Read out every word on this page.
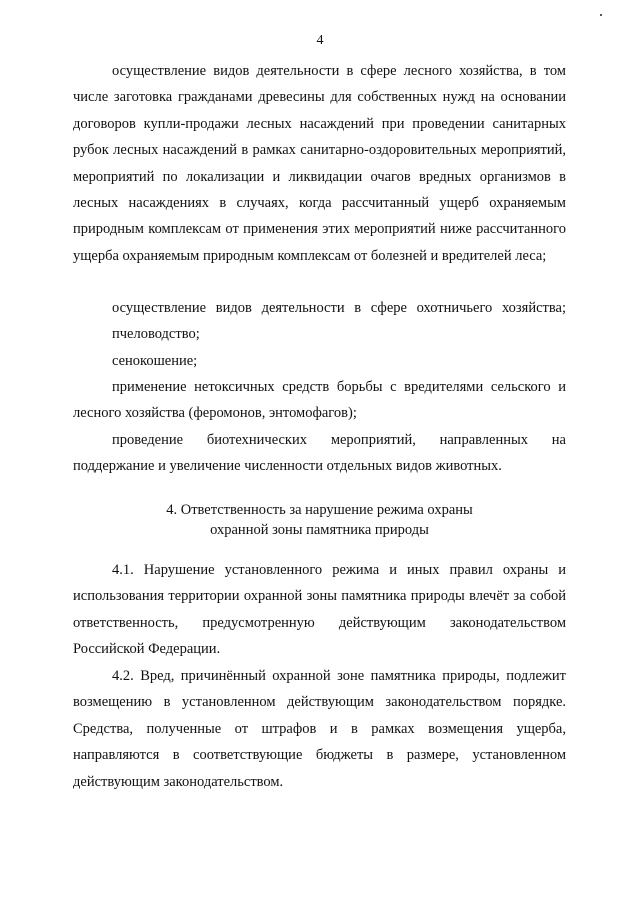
4

осуществление видов деятельности в сфере лесного хозяйства, в том числе заготовка гражданами древесины для собственных нужд на основании договоров купли-продажи лесных насаждений при проведении санитарных рубок лесных насаждений в рамках санитарно-оздоровительных мероприятий, мероприятий по локализации и ликвидации очагов вредных организмов в лесных насаждениях в случаях, когда рассчитанный ущерб охраняемым природным комплексам от применения этих мероприятий ниже рассчитанного ущерба охраняемым природным комплексам от болезней и вредителей леса;

осуществление видов деятельности в сфере охотничьего хозяйства;

пчеловодство;

сенокошение;

применение нетоксичных средств борьбы с вредителями сельского и лесного хозяйства (феромонов, энтомофагов);

проведение биотехнических мероприятий, направленных на поддержание и увеличение численности отдельных видов животных.

4. Ответственность за нарушение режима охраны
охранной зоны памятника природы

4.1. Нарушение установленного режима и иных правил охраны и использования территории охранной зоны памятника природы влечёт за собой ответственность, предусмотренную действующим законодательством Российской Федерации.

4.2. Вред, причинённый охранной зоне памятника природы, подлежит возмещению в установленном действующим законодательством порядке. Средства, полученные от штрафов и в рамках возмещения ущерба, направляются в соответствующие бюджеты в размере, установленном действующим законодательством.
